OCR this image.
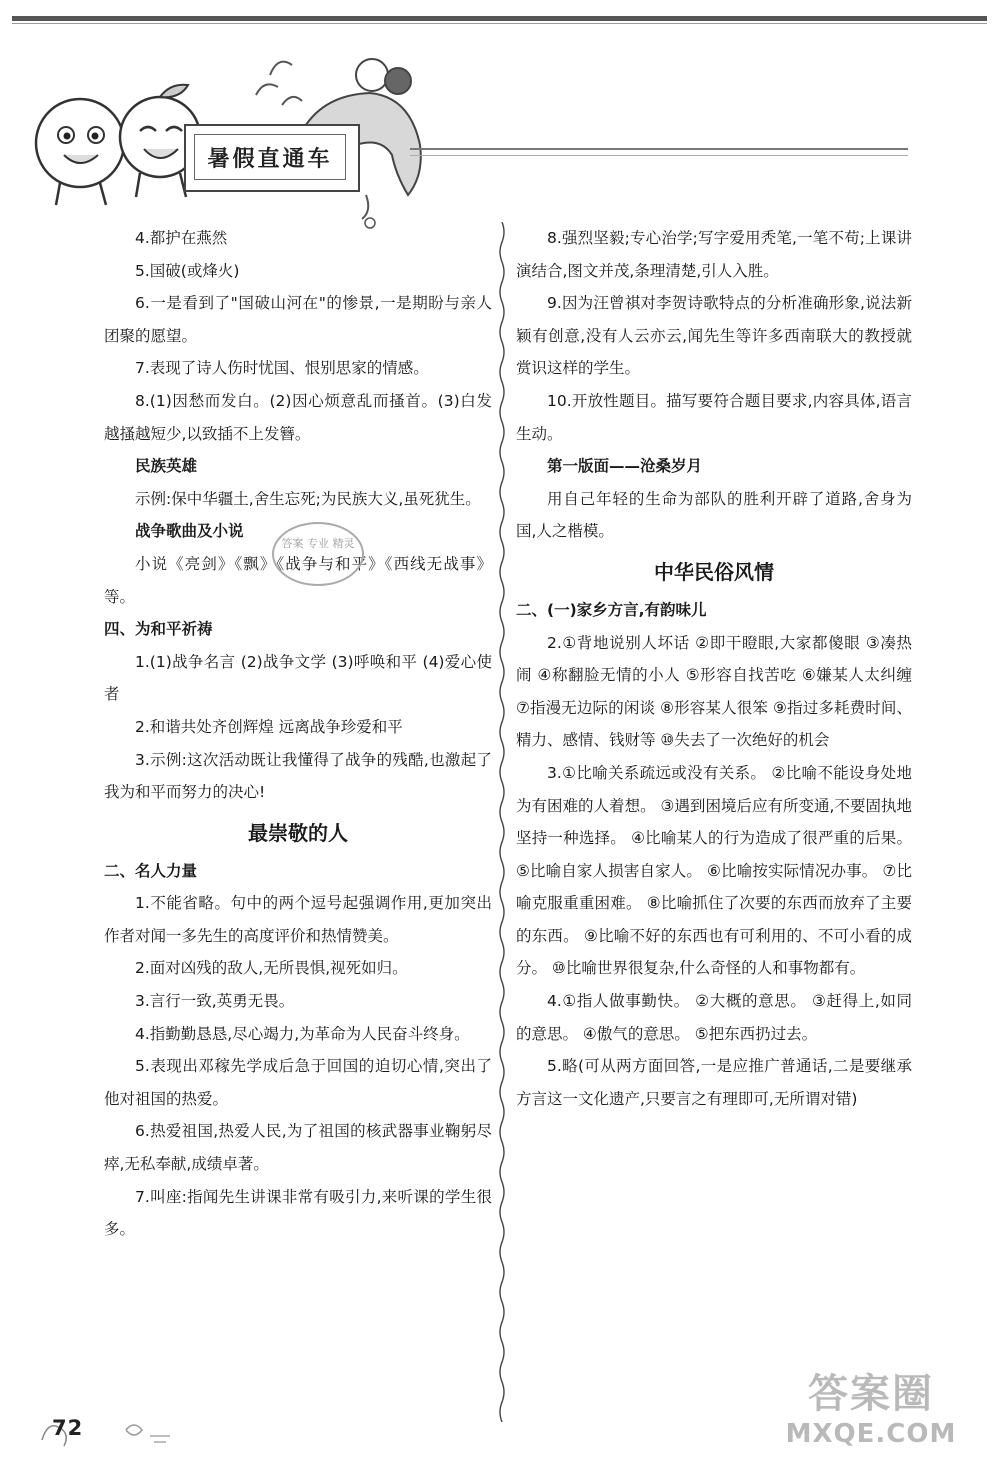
暑假直通车

4.都护在燕然

5.国破(或烽火)

6.一是看到了"国破山河在"的惨景,一是期盼与亲人团聚的愿望。

7.表现了诗人伤时忧国、恨别思家的情感。

8.(1)因愁而发白。(2)因心烦意乱而搔首。(3)白发越搔越短少,以致插不上发簪。

民族英雄

示例:保中华疆土,舍生忘死;为民族大义,虽死犹生。

战争歌曲及小说

小说《亮剑》《飘》《战争与和平》《西线无战事》等。

四、为和平祈祷

1.(1)战争名言 (2)战争文学 (3)呼唤和平 (4)爱心使者

2.和谐共处齐创辉煌 远离战争珍爱和平

3.示例:这次活动既让我懂得了战争的残酷,也激起了我为和平而努力的决心!

最崇敬的人
二、名人力量

1.不能省略。句中的两个逗号起强调作用,更加突出作者对闻一多先生的高度评价和热情赞美。

2.面对凶残的敌人,无所畏惧,视死如归。

3.言行一致,英勇无畏。

4.指勤勤恳恳,尽心竭力,为革命为人民奋斗终身。

5.表现出邓稼先学成后急于回国的迫切心情,突出了他对祖国的热爱。

6.热爱祖国,热爱人民,为了祖国的核武器事业鞠躬尽瘁,无私奉献,成绩卓著。

7.叫座:指闻先生讲课非常有吸引力,来听课的学生很多。

8.强烈坚毅;专心治学;写字爱用秃笔,一笔不苟;上课讲演结合,图文并茂,条理清楚,引人入胜。

9.因为汪曾祺对李贺诗歌特点的分析准确形象,说法新颖有创意,没有人云亦云,闻先生等许多西南联大的教授就赏识这样的学生。

10.开放性题目。描写要符合题目要求,内容具体,语言生动。

第一版面——沧桑岁月

用自己年轻的生命为部队的胜利开辟了道路,舍身为国,人之楷模。

中华民俗风情
二、(一)家乡方言,有韵味儿

2.①背地说别人坏话 ②即干瞪眼,大家都傻眼 ③凑热闹 ④称翻脸无情的小人 ⑤形容自找苦吃 ⑥嫌某人太纠缠 ⑦指漫无边际的闲谈 ⑧形容某人很笨 ⑨指过多耗费时间、精力、感情、钱财等 ⑩失去了一次绝好的机会

3.①比喻关系疏远或没有关系。 ②比喻不能设身处地为有困难的人着想。 ③遇到困境后应有所变通,不要固执地坚持一种选择。 ④比喻某人的行为造成了很严重的后果。 ⑤比喻自家人损害自家人。 ⑥比喻按实际情况办事。 ⑦比喻克服重重困难。 ⑧比喻抓住了次要的东西而放弃了主要的东西。 ⑨比喻不好的东西也有可利用的、不可小看的成分。 ⑩比喻世界很复杂,什么奇怪的人和事物都有。

4.①指人做事勤快。 ②大概的意思。 ③赶得上,如同的意思。 ④傲气的意思。 ⑤把东西扔过去。

5.略(可从两方面回答,一是应推广普通话,二是要继承方言这一文化遗产,只要言之有理即可,无所谓对错)

答案 专业 精灵
72
答案圈
MXQE.COM
